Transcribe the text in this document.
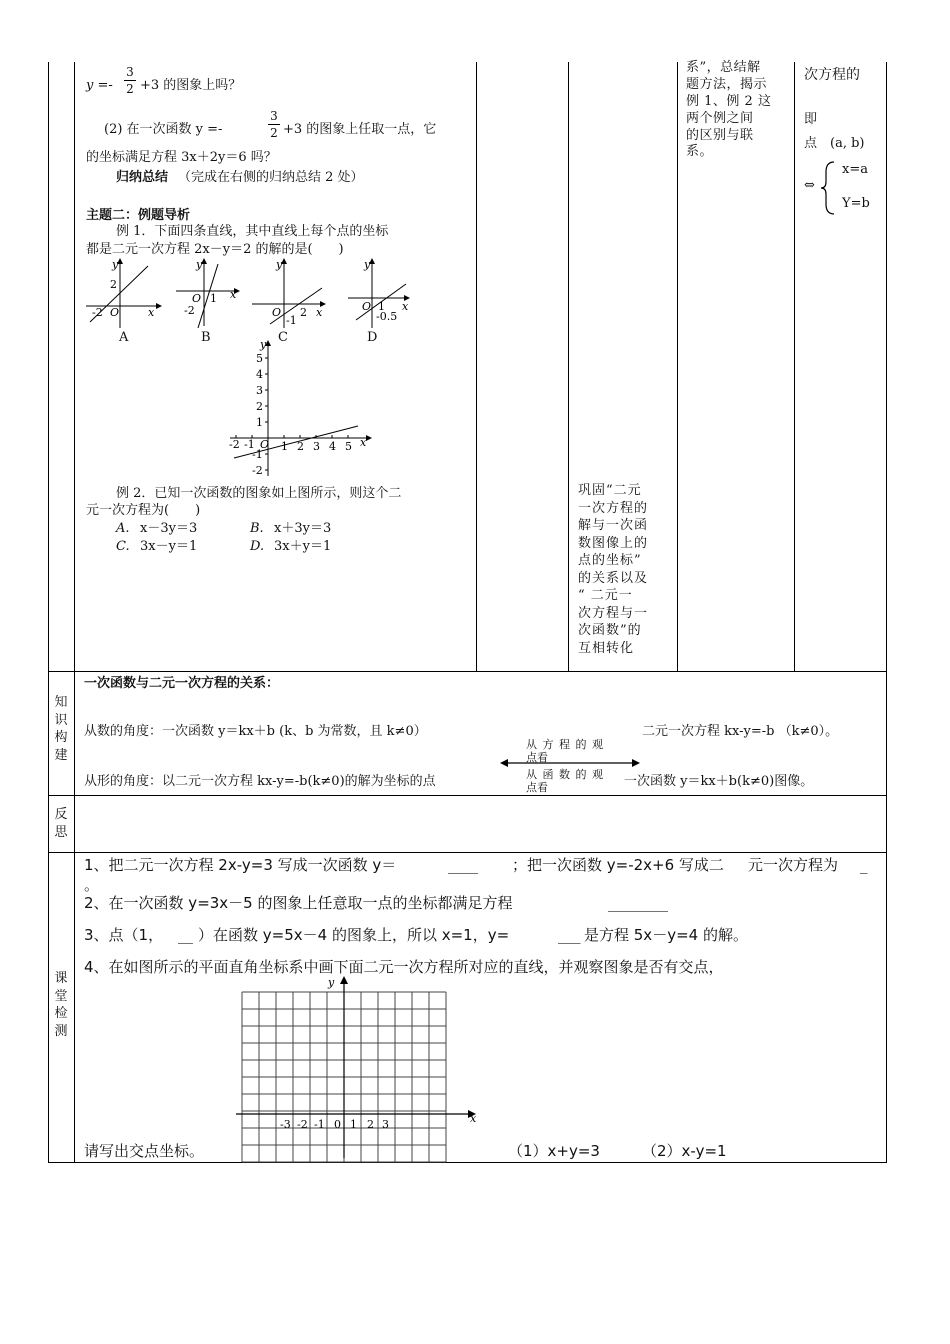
y =-
3
2 +3 的图象上吗？
(2) 在一次函数 y =-
3
2 +3 的图象上任取一点，它
的坐标满足方程 3x＋2y＝6 吗？
归纳总结 （完成在右侧的归纳总结 2 处）
主题二：例题导析
例 1．下面四条直线，其中直线上每个点的坐标
都是二元一次方程 2x－y＝2 的解的是(　　)
y
2
-2 O	x
A
y
O 1 x
-2
B
y
O 2 x
-1
C
y
O 1 x
-0.5
D
y
x
O
5
4
3
2
1
-1
-2
-2 -1 1 2 3 4 5
例 2．已知一次函数的图象如上图所示，则这个二
元一次方程为(　　)
A. x－3y＝3	B. x＋3y＝3
C. 3x－y＝1	D. 3x＋y＝1
巩固“二元
一次方程的
解与一次函
数图像上的
点的坐标”
的关系以及
“ 二元一
次方程与一
次函数”的
互相转化
系”，总结解
题方法，揭示
例 1、例 2 这
两个例之间
的区别与联
系。
次方程的
即
点　(a, b)
⇔
x=a
Y=b
知
识
构
建
一次函数与二元一次方程的关系：
从数的角度：一次函数 y＝kx＋b (k、b 为常数，且 k≠0）	二元一次方程 kx-y=-b （k≠0）。
从 方 程 的 观
点看
从 函 数 的 观
点看
从形的角度：以二元一次方程 kx-y=-b(k≠0)的解为坐标的点	一次函数 y＝kx＋b(k≠0)图像。
反
思
课
堂
检
测
1、把二元一次方程 2x-y=3 写成一次函数 y＝	____ ；把一次函数 y=-2x+6 写成二 元一次方程为 _
。
2、在一次函数 y=3x－5 的图象上任意取一点的坐标都满足方程	________
3、点（1， __ ）在函数 y=5x－4 的图象上，所以 x=1，y=	___ 是方程 5x－y=4 的解。
4、在如图所示的平面直角坐标系中画下面二元一次方程所对应的直线，并观察图象是否有交点，
请写出交点坐标。	（1）x+y=3	（2）x-y=1
y
x
0
-3 -2 -1 1 2 3
